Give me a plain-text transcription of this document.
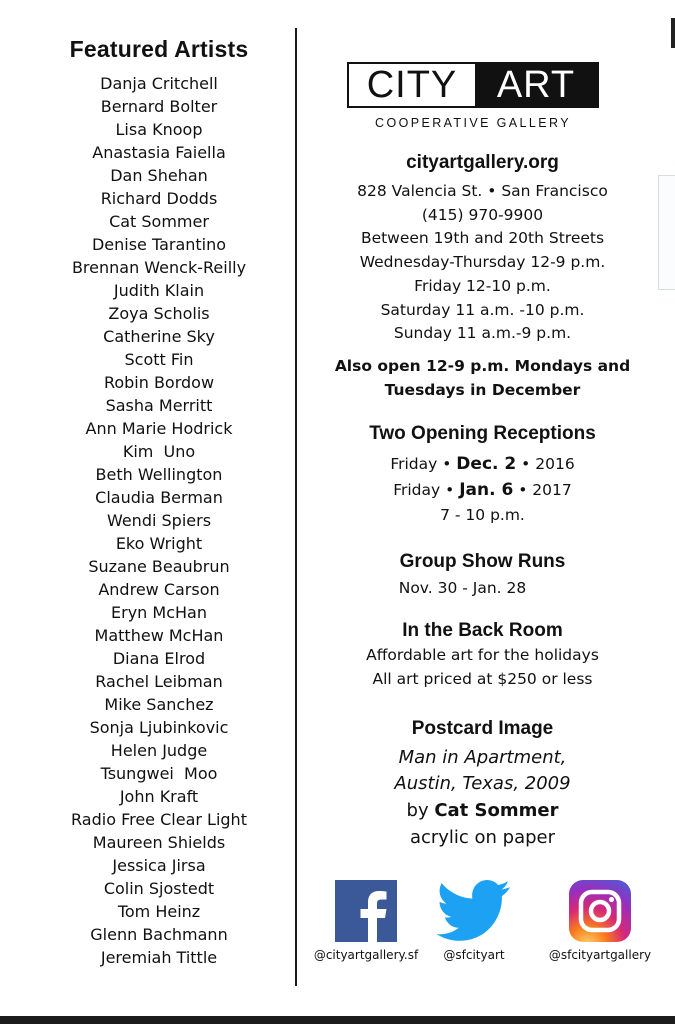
Featured Artists
Danja Critchell
Bernard Bolter
Lisa Knoop
Anastasia Faiella
Dan Shehan
Richard Dodds
Cat Sommer
Denise Tarantino
Brennan Wenck-Reilly
Judith Klain
Zoya Scholis
Catherine Sky
Scott Fin
Robin Bordow
Sasha Merritt
Ann Marie Hodrick
Kim  Uno
Beth Wellington
Claudia Berman
Wendi Spiers
Eko Wright
Suzane Beaubrun
Andrew Carson
Eryn McHan
Matthew McHan
Diana Elrod
Rachel Leibman
Mike Sanchez
Sonja Ljubinkovic
Helen Judge
Tsungwei  Moo
John Kraft
Radio Free Clear Light
Maureen Shields
Jessica Jirsa
Colin Sjostedt
Tom Heinz
Glenn Bachmann
Jeremiah Tittle
CITY	ART
COOPERATIVE GALLERY
cityartgallery.org
828 Valencia St. • San Francisco
(415) 970-9900
Between 19th and 20th Streets
Wednesday-Thursday 12-9 p.m.
Friday 12-10 p.m.
Saturday 11 a.m. -10 p.m.
Sunday 11 a.m.-9 p.m.
Also open 12-9 p.m. Mondays and
Tuesdays in December
Two Opening Receptions
Friday • Dec. 2 • 2016
Friday • Jan. 6 • 2017
7 - 10 p.m.
Group Show Runs
Nov. 30 - Jan. 28
In the Back Room
Affordable art for the holidays
All art priced at $250 or less
Postcard Image
Man in Apartment,
Austin, Texas, 2009
by Cat Sommer
acrylic on paper
@cityartgallery.sf	@sfcityart	@sfcityartgallery
